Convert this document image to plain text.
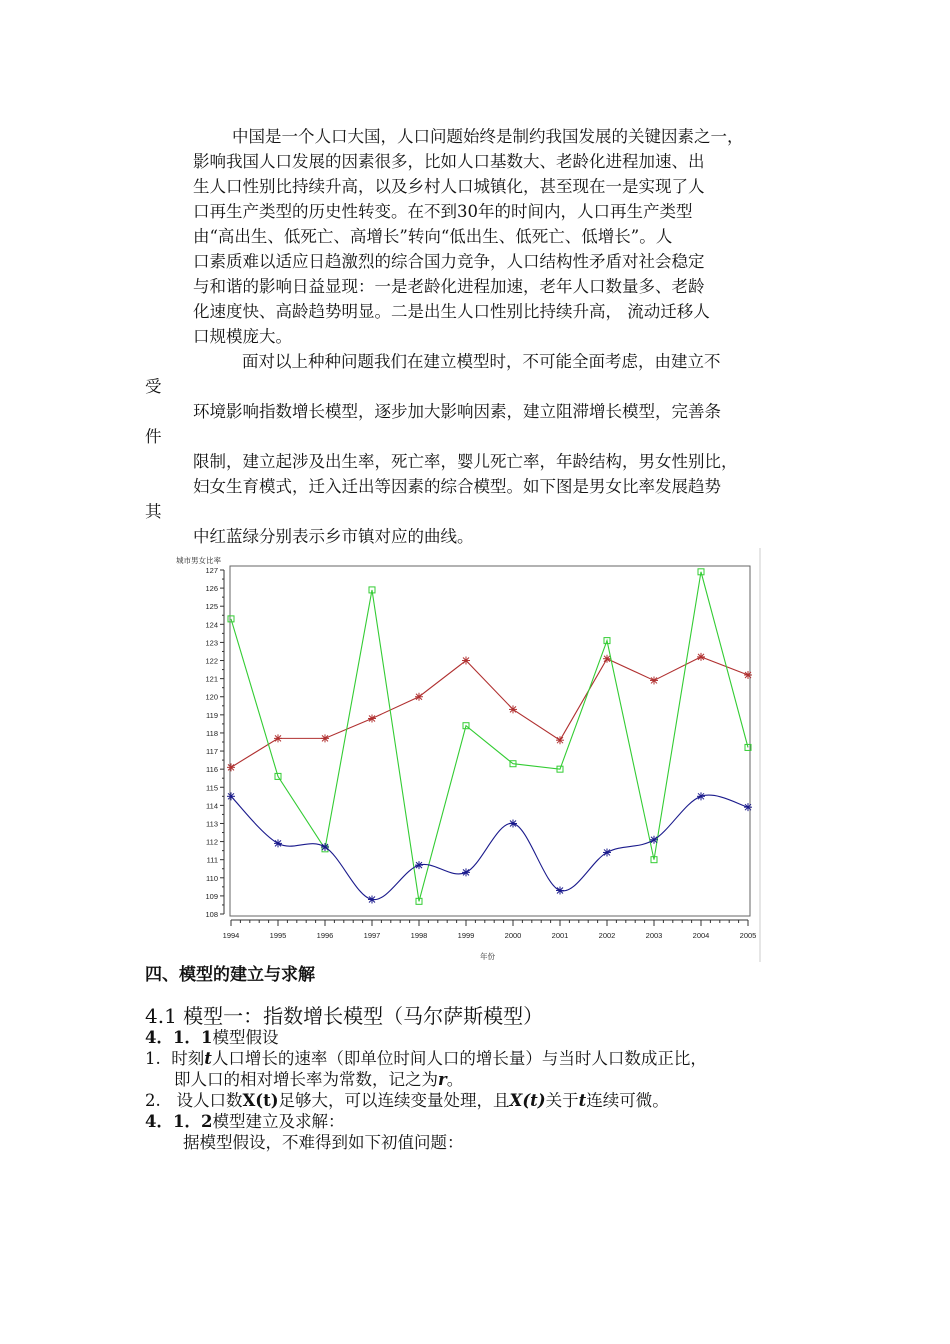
中国是一个人口大国，人口问题始终是制约我国发展的关键因素之一，
影响我国人口发展的因素很多，比如人口基数大、老龄化进程加速、出
生人口性别比持续升高，以及乡村人口城镇化，甚至现在一是实现了人
口再生产类型的历史性转变。在不到30年的时间内，人口再生产类型
由“高出生、低死亡、高增长”转向“低出生、低死亡、低增长”。人
口素质难以适应日趋激烈的综合国力竞争，人口结构性矛盾对社会稳定
与和谐的影响日益显现：一是老龄化进程加速，老年人口数量多、老龄
化速度快、高龄趋势明显。二是出生人口性别比持续升高， 流动迁移人
口规模庞大。
面对以上种种问题我们在建立模型时，不可能全面考虑，由建立不
受
环境影响指数增长模型，逐步加大影响因素，建立阻滞增长模型，完善条
件
限制，建立起涉及出生率，死亡率，婴儿死亡率，年龄结构，男女性别比，
妇女生育模式，迁入迁出等因素的综合模型。如下图是男女比率发展趋势
其
中红蓝绿分别表示乡市镇对应的曲线。
城市男女比率
108
109
110
111
112
113
114
115
116
117
118
119
120
121
122
123
124
125
126
127
1994	1995	1996	1997	1998	1999	2000	2001	2002	2003	2004	2005
年份
四、模型的建立与求解
4.1 模型一：指数增长模型（马尔萨斯模型）
4．1．1模型假设
1. 时刻t人口增长的速率（即单位时间人口的增长量）与当时人口数成正比，
即人口的相对增长率为常数，记之为r。
2. 设人口数X(t)足够大，可以连续变量处理，且X(t)关于t连续可微。
4．1．2模型建立及求解：
据模型假设，不难得到如下初值问题：
